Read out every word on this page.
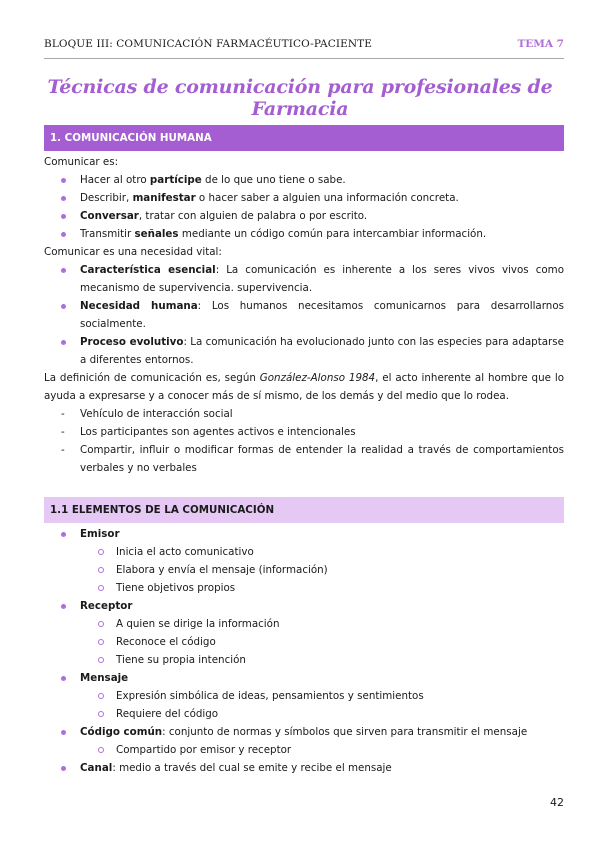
BLOQUE III: COMUNICACIÓN FARMACÉUTICO-PACIENTE	TEMA 7
Técnicas de comunicación para profesionales de Farmacia
1. COMUNICACIÓN HUMANA

Comunicar es:

Hacer al otro partícipe de lo que uno tiene o sabe.
Describir, manifestar o hacer saber a alguien una información concreta.
Conversar, tratar con alguien de palabra o por escrito.
Transmitir señales mediante un código común para intercambiar información.

Comunicar es una necesidad vital:

Característica esencial: La comunicación es inherente a los seres vivos vivos como mecanismo de supervivencia. supervivencia.
Necesidad humana: Los humanos necesitamos comunicarnos para desarrollarnos socialmente.
Proceso evolutivo: La comunicación ha evolucionado junto con las especies para adaptarse a diferentes entornos.

La definición de comunicación es, según González-Alonso 1984, el acto inherente al hombre que lo ayuda a expresarse y a conocer más de sí mismo, de los demás y del medio que lo rodea.

- Vehículo de interacción social
- Los participantes son agentes activos e intencionales
- Compartir, influir o modificar formas de entender la realidad a través de comportamientos verbales y no verbales
1.1 ELEMENTOS DE LA COMUNICACIÓN
Emisor
Inicia el acto comunicativo
Elabora y envía el mensaje (información)
Tiene objetivos propios
Receptor
A quien se dirige la información
Reconoce el código
Tiene su propia intención
Mensaje
Expresión simbólica de ideas, pensamientos y sentimientos
Requiere del código
Código común: conjunto de normas y símbolos que sirven para transmitir el mensaje
Compartido por emisor y receptor
Canal: medio a través del cual se emite y recibe el mensaje
42
